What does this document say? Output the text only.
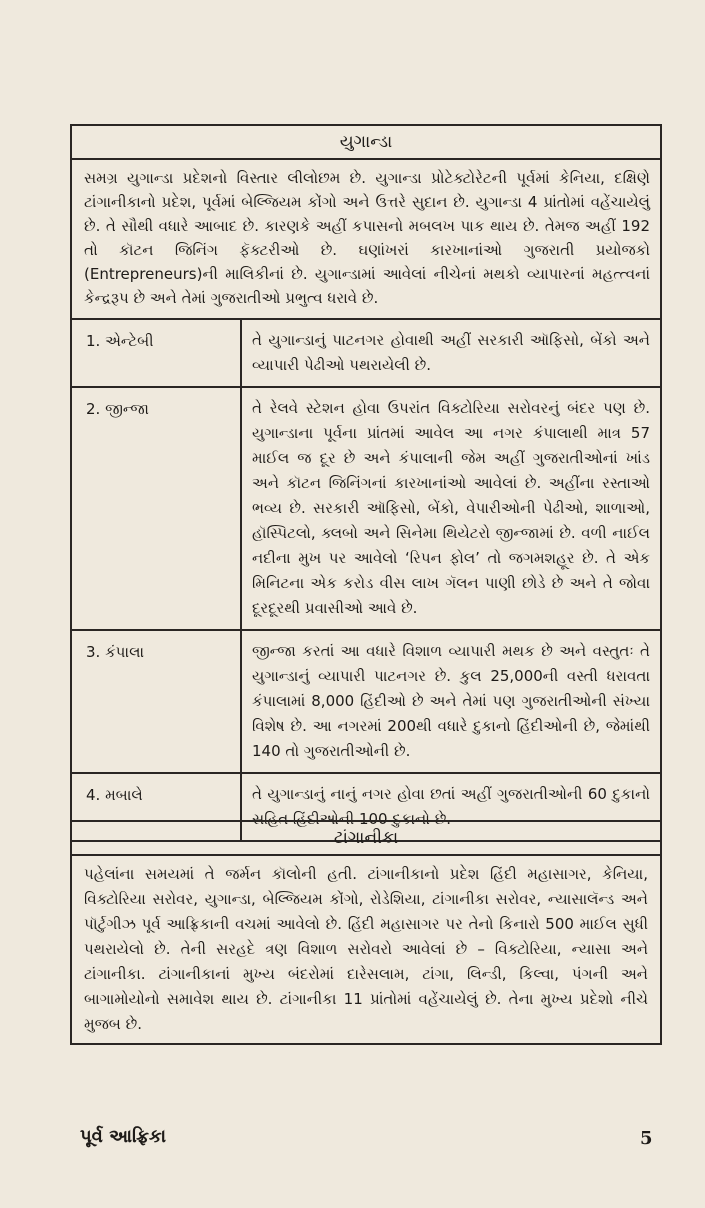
યુગાન્ડા
સમગ્ર યુગાન્ડા પ્રદેશનો વિસ્તાર લીલોછમ છે. યુગાન્ડા પ્રોટેક્ટોરેટની પૂર્વમાં કેનિયા, દક્ષિણે ટાંગાનીકાનો પ્રદેશ, પૂર્વમાં બેલ્જિયમ કોંગો અને ઉત્તરે સુદાન છે. યુગાન્ડા 4 પ્રાંતોમાં વહેંચાયેલું છે. તે સૌથી વધારે આબાદ છે. કારણકે અહીં કપાસનો મબલખ પાક થાય છે. તેમજ અહીં 192 તો કૉટન જિનિંગ ફૅક્ટરીઓ છે. ઘણાંખરાં કારખાનાંઓ ગુજરાતી પ્રયોજકો (Entrepreneurs)ની માલિકીનાં છે. યુગાન્ડામાં આવેલાં નીચેનાં મથકો વ્યાપારનાં મહત્ત્વનાં કેન્દ્રરૂપ છે અને તેમાં ગુજરાતીઓ પ્રભુત્વ ધરાવે છે.
1. એન્ટેબી	તે યુગાન્ડાનું પાટનગર હોવાથી અહીં સરકારી ઑફિસો, બેંકો અને વ્યાપારી પેઢીઓ પથરાયેલી છે.
2. જીન્જા	તે રેલવે સ્ટેશન હોવા ઉપરાંત વિક્ટોરિયા સરોવરનું બંદર પણ છે. યુગાન્ડાના પૂર્વના પ્રાંતમાં આવેલ આ નગર કંપાલાથી માત્ર 57 માઈલ જ દૂર છે અને કંપાલાની જેમ અહીં ગુજરાતીઓનાં ખાંડ અને કૉટન જિનિંગનાં કારખાનાંઓ આવેલાં છે. અહીંના રસ્તાઓ ભવ્ય છે. સરકારી ઑફિસો, બેંકો, વેપારીઓની પેઢીઓ, શાળાઓ, હૉસ્પિટલો, ક્લબો અને સિનેમા થિયેટરો જીન્જામાં છે. વળી નાઈલ નદીના મુખ પર આવેલો ‘રિપન ફોલ’ તો જગમશહૂર છે. તે એક મિનિટના એક કરોડ વીસ લાખ ગૅલન પાણી છોડે છે અને તે જોવા દૂરદૂરથી પ્રવાસીઓ આવે છે.
3. કંપાલા	જીન્જા કરતાં આ વધારે વિશાળ વ્યાપારી મથક છે અને વસ્તુતઃ તે યુગાન્ડાનું વ્યાપારી પાટનગર છે. કુલ 25,000ની વસ્તી ધરાવતા કંપાલામાં 8,000 હિંદીઓ છે અને તેમાં પણ ગુજરાતીઓની સંખ્યા વિશેષ છે. આ નગરમાં 200થી વધારે દુકાનો હિંદીઓની છે, જેમાંથી 140 તો ગુજરાતીઓની છે.
4. મબાલે	તે યુગાન્ડાનું નાનું નગર હોવા છતાં અહીં ગુજરાતીઓની 60 દુકાનો સહિત હિંદીઓની 100 દુકાનો છે.
ટાંગાનીકા
પહેલાંના સમયમાં તે જર્મન કૉલોની હતી. ટાંગાનીકાનો પ્રદેશ હિંદી મહાસાગર, કેનિયા, વિક્ટોરિયા સરોવર, યુગાન્ડા, બેલ્જિયમ કોંગો, રોડેશિયા, ટાંગાનીકા સરોવર, ન્યાસાલૅન્ડ અને પૉર્ટુગીઝ પૂર્વ આફ્રિકાની વચમાં આવેલો છે. હિંદી મહાસાગર પર તેનો કિનારો 500 માઈલ સુધી પથરાયેલો છે. તેની સરહદે ત્રણ વિશાળ સરોવરો આવેલાં છે – વિક્ટોરિયા, ન્યાસા અને ટાંગાનીકા. ટાંગાનીકાનાં મુખ્ય બંદરોમાં દારેસલામ, ટાંગા, લિન્ડી, કિલ્વા, પંગની અને બાગામોયોનો સમાવેશ થાય છે. ટાંગાનીકા 11 પ્રાંતોમાં વહેંચાયેલું છે. તેના મુખ્ય પ્રદેશો નીચે મુજબ છે.
પૂર્વ આફ્રિકા	5
